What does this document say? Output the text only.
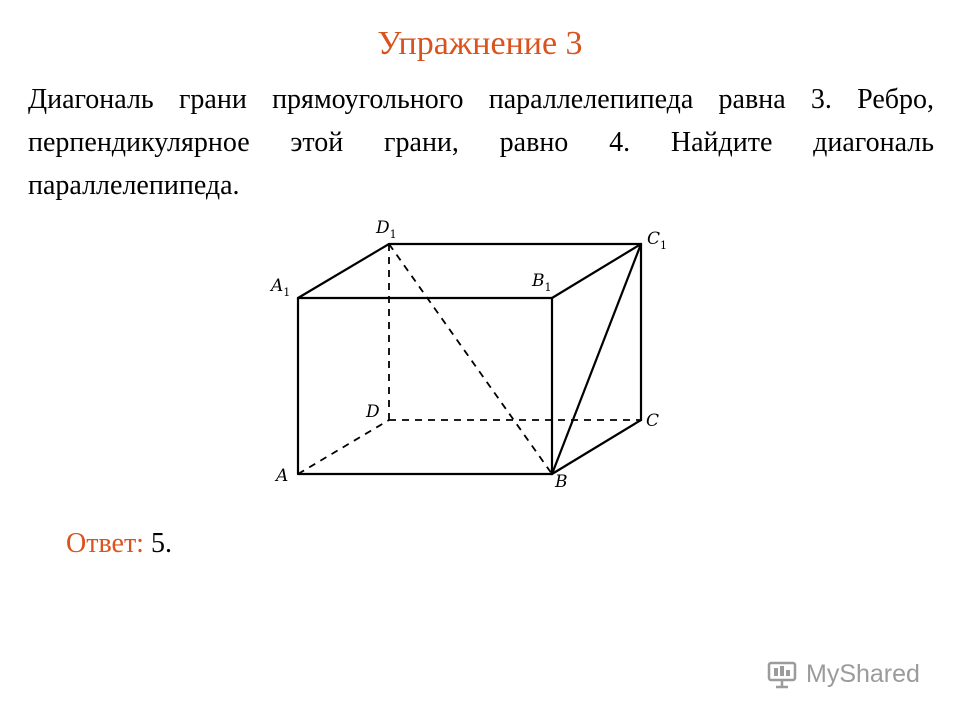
Упражнение 3
Диагональ грани прямоугольного параллелепипеда равна 3. Ребро, перпендикулярное этой грани, равно 4. Найдите диагональ параллелепипеда.
A	B
C
D
$A_1$
$B_1$
$C_1$
$D_1$
Ответ: 5.
MyShared
